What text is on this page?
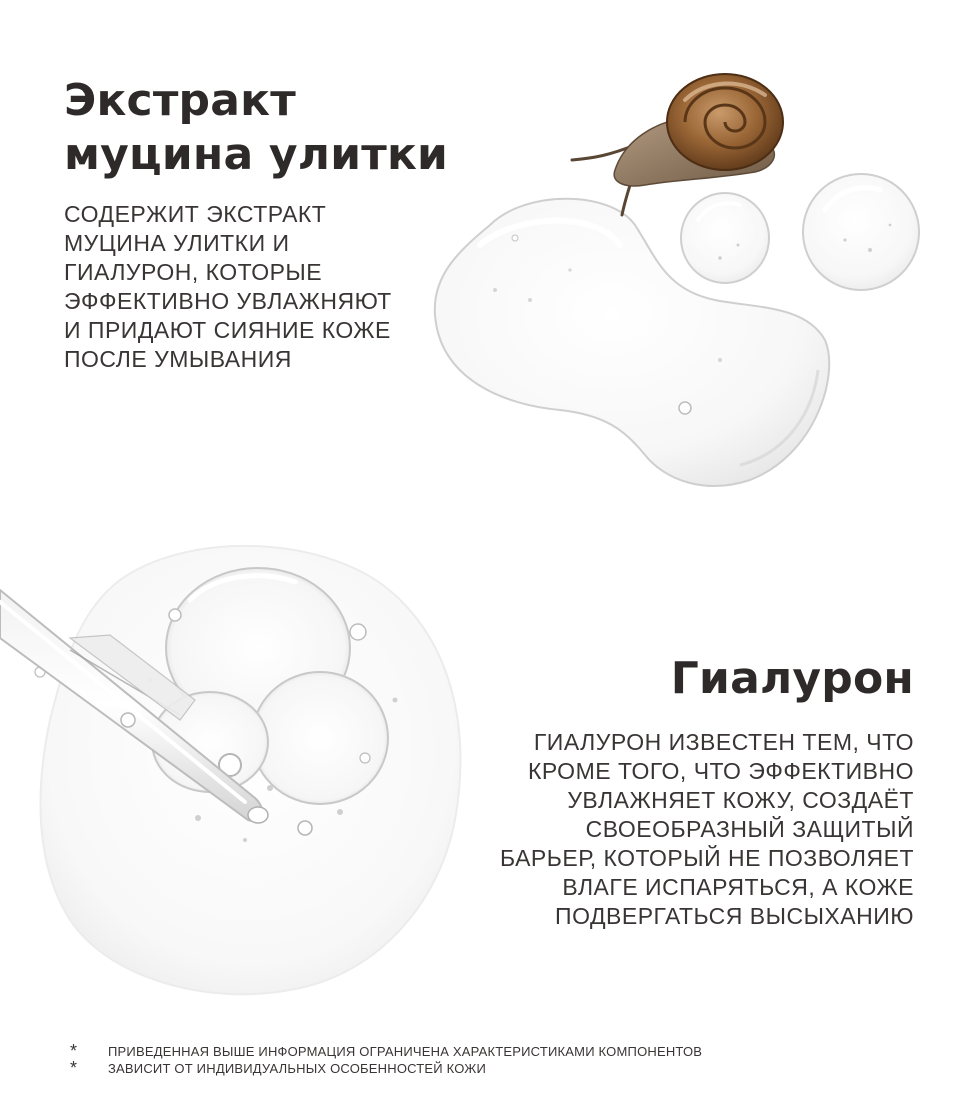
Экстракт
муцина улитки

СОДЕРЖИТ ЭКСТРАКТ
МУЦИНА УЛИТКИ И
ГИАЛУРОН, КОТОРЫЕ
ЭФФЕКТИВНО УВЛАЖНЯЮТ
И ПРИДАЮТ СИЯНИЕ КОЖЕ
ПОСЛЕ УМЫВАНИЯ

Гиалурон

ГИАЛУРОН ИЗВЕСТЕН ТЕМ, ЧТО
КРОМЕ ТОГО, ЧТО ЭФФЕКТИВНО
УВЛАЖНЯЕТ КОЖУ, СОЗДАЁТ
СВОЕОБРАЗНЫЙ ЗАЩИТЫЙ
БАРЬЕР, КОТОРЫЙ НЕ ПОЗВОЛЯЕТ
ВЛАГЕ ИСПАРЯТЬСЯ, А КОЖЕ
ПОДВЕРГАТЬСЯ ВЫСЫХАНИЮ

*	ПРИВЕДЕННАЯ ВЫШЕ ИНФОРМАЦИЯ ОГРАНИЧЕНА ХАРАКТЕРИСТИКАМИ КОМПОНЕНТОВ
*	ЗАВИСИТ ОТ ИНДИВИДУАЛЬНЫХ ОСОБЕННОСТЕЙ КОЖИ
